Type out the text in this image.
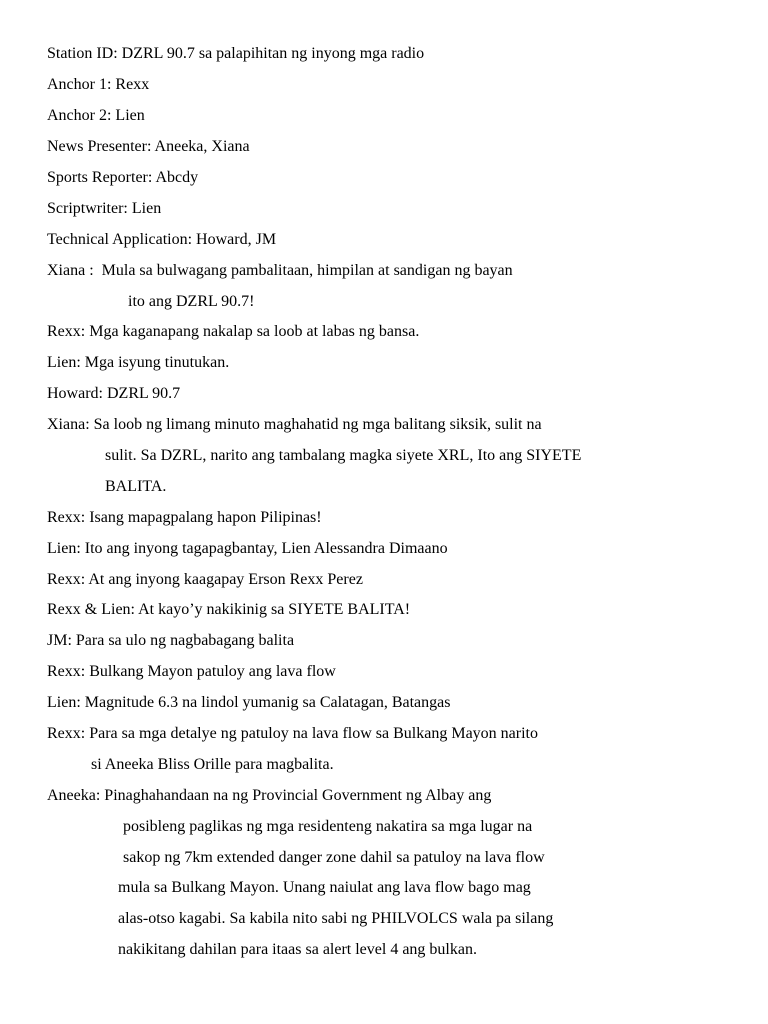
Station ID: DZRL 90.7 sa palapihitan ng inyong mga radio
Anchor 1: Rexx
Anchor 2: Lien
News Presenter: Aneeka, Xiana
Sports Reporter: Abcdy
Scriptwriter: Lien
Technical Application: Howard, JM
Xiana :  Mula sa bulwagang pambalitaan, himpilan at sandigan ng bayan
ito ang DZRL 90.7!
Rexx: Mga kaganapang nakalap sa loob at labas ng bansa.
Lien: Mga isyung tinutukan.
Howard: DZRL 90.7
Xiana: Sa loob ng limang minuto maghahatid ng mga balitang siksik, sulit na
sulit. Sa DZRL, narito ang tambalang magka siyete XRL, Ito ang SIYETE
BALITA.
Rexx: Isang mapagpalang hapon Pilipinas!
Lien: Ito ang inyong tagapagbantay, Lien Alessandra Dimaano
Rexx: At ang inyong kaagapay Erson Rexx Perez
Rexx & Lien: At kayo’y nakikinig sa SIYETE BALITA!
JM: Para sa ulo ng nagbabagang balita
Rexx: Bulkang Mayon patuloy ang lava flow
Lien: Magnitude 6.3 na lindol yumanig sa Calatagan, Batangas
Rexx: Para sa mga detalye ng patuloy na lava flow sa Bulkang Mayon narito
si Aneeka Bliss Orille para magbalita.
Aneeka: Pinaghahandaan na ng Provincial Government ng Albay ang
posibleng paglikas ng mga residenteng nakatira sa mga lugar na
sakop ng 7km extended danger zone dahil sa patuloy na lava flow
mula sa Bulkang Mayon. Unang naiulat ang lava flow bago mag
alas-otso kagabi. Sa kabila nito sabi ng PHILVOLCS wala pa silang
nakikitang dahilan para itaas sa alert level 4 ang bulkan.
